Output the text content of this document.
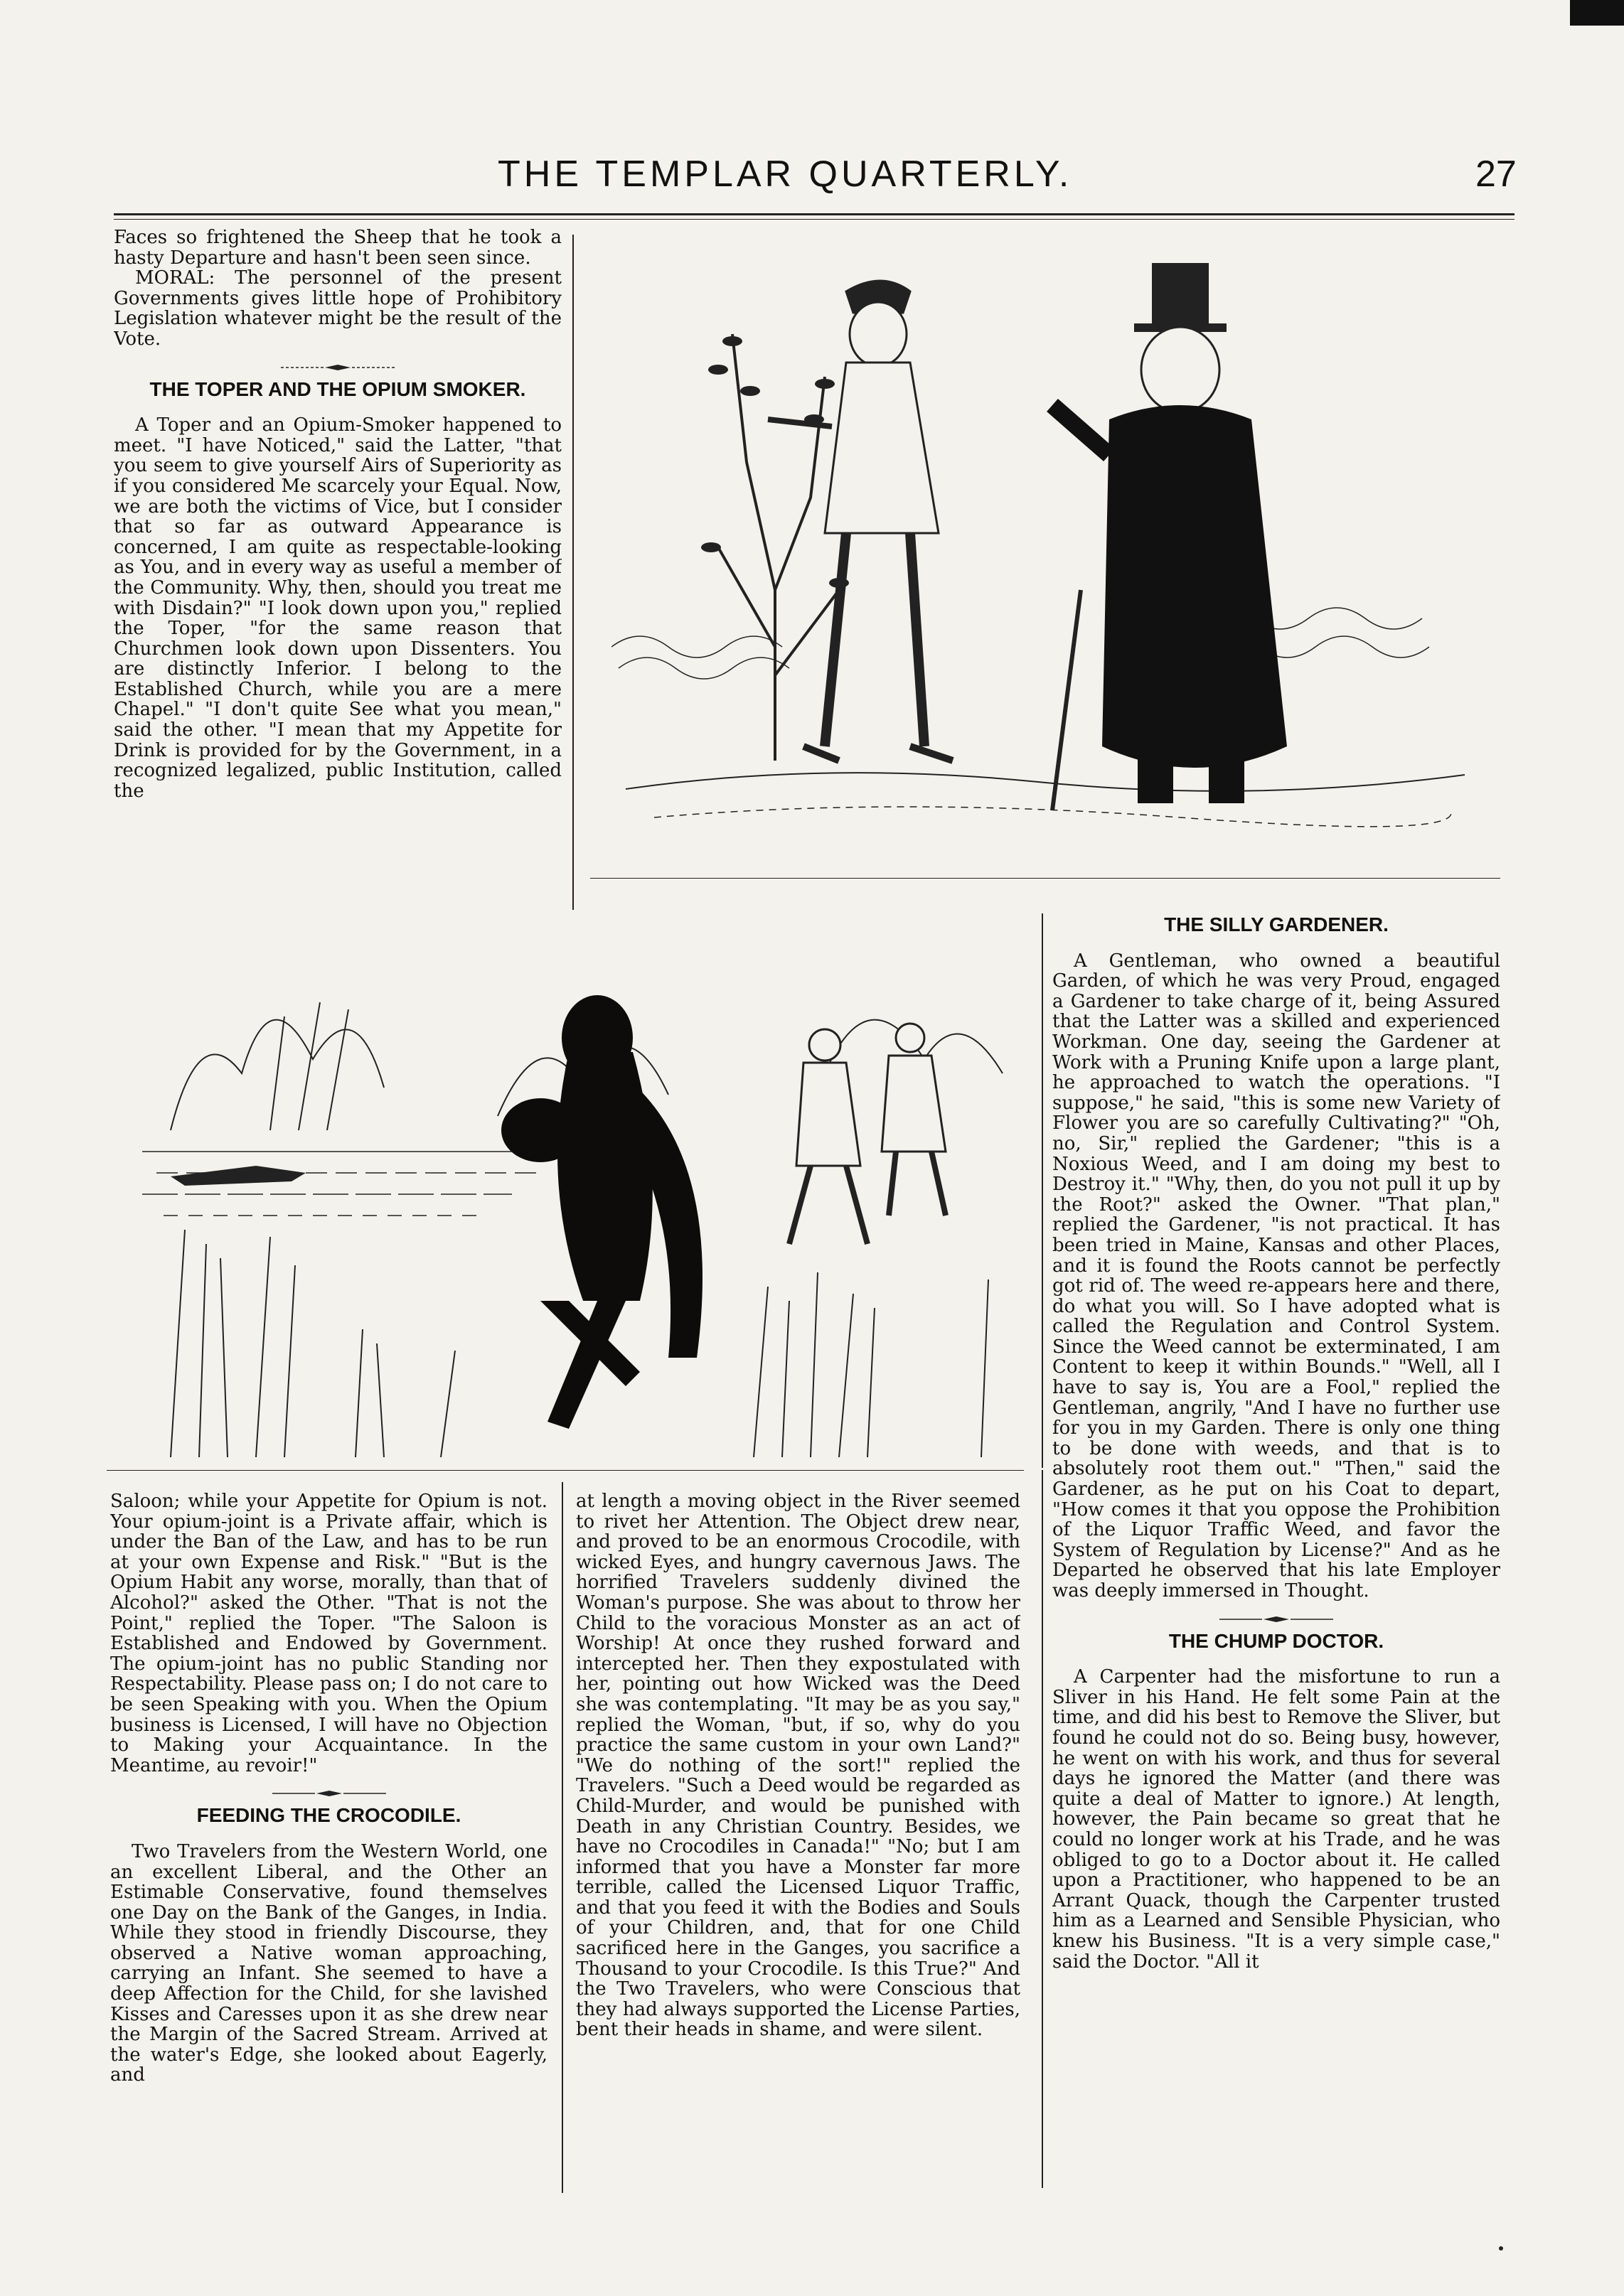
THE TEMPLAR QUARTERLY.	27

Faces so frightened the Sheep that he took a hasty Departure and hasn't been seen since.

MORAL: The personnel of the present Governments gives little hope of Prohibitory Legislation whatever might be the result of the Vote.

THE TOPER AND THE OPIUM SMOKER.

A Toper and an Opium-Smoker happened to meet. "I have Noticed," said the Latter, "that you seem to give yourself Airs of Superiority as if you considered Me scarcely your Equal. Now, we are both the victims of Vice, but I consider that so far as outward Appearance is concerned, I am quite as respectable-looking as You, and in every way as useful a member of the Community. Why, then, should you treat me with Disdain?" "I look down upon you," replied the Toper, "for the same reason that Churchmen look down upon Dissenters. You are distinctly Inferior. I belong to the Established Church, while you are a mere Chapel." "I don't quite See what you mean," said the other. "I mean that my Appetite for Drink is provided for by the Government, in a recognized legalized, public Institution, called the

THE SILLY GARDENER.

A Gentleman, who owned a beautiful Garden, of which he was very Proud, engaged a Gardener to take charge of it, being Assured that the Latter was a skilled and experienced Workman. One day, seeing the Gardener at Work with a Pruning Knife upon a large plant, he approached to watch the operations. "I suppose," he said, "this is some new Variety of Flower you are so carefully Cultivating?" "Oh, no, Sir," replied the Gardener; "this is a Noxious Weed, and I am doing my best to Destroy it." "Why, then, do you not pull it up by the Root?" asked the Owner. "That plan," replied the Gardener, "is not practical. It has been tried in Maine, Kansas and other Places, and it is found the Roots cannot be perfectly got rid of. The weed re-appears here and there, do what you will. So I have adopted what is called the Regulation and Control System. Since the Weed cannot be exterminated, I am Content to keep it within Bounds." "Well, all I have to say is, You are a Fool," replied the Gentleman, angrily, "And I have no further use for you in my Garden. There is only one thing to be done with weeds, and that is to absolutely root them out." "Then," said the Gardener, as he put on his Coat to depart, "How comes it that you oppose the Prohibition of the Liquor Traffic Weed, and favor the System of Regulation by License?" And as he Departed he observed that his late Employer was deeply immersed in Thought.

THE CHUMP DOCTOR.

A Carpenter had the misfortune to run a Sliver in his Hand. He felt some Pain at the time, and did his best to Remove the Sliver, but found he could not do so. Being busy, however, he went on with his work, and thus for several days he ignored the Matter (and there was quite a deal of Matter to ignore.) At length, however, the Pain became so great that he could no longer work at his Trade, and he was obliged to go to a Doctor about it. He called upon a Practitioner, who happened to be an Arrant Quack, though the Carpenter trusted him as a Learned and Sensible Physician, who knew his Business. "It is a very simple case," said the Doctor. "All it

Saloon; while your Appetite for Opium is not. Your opium-joint is a Private affair, which is under the Ban of the Law, and has to be run at your own Expense and Risk." "But is the Opium Habit any worse, morally, than that of Alcohol?" asked the Other. "That is not the Point," replied the Toper. "The Saloon is Established and Endowed by Government. The opium-joint has no public Standing nor Respectability. Please pass on; I do not care to be seen Speaking with you. When the Opium business is Licensed, I will have no Objection to Making your Acquaintance. In the Meantime, au revoir!"

FEEDING THE CROCODILE.

Two Travelers from the Western World, one an excellent Liberal, and the Other an Estimable Conservative, found themselves one Day on the Bank of the Ganges, in India. While they stood in friendly Discourse, they observed a Native woman approaching, carrying an Infant. She seemed to have a deep Affection for the Child, for she lavished Kisses and Caresses upon it as she drew near the Margin of the Sacred Stream. Arrived at the water's Edge, she looked about Eagerly, and

at length a moving object in the River seemed to rivet her Attention. The Object drew near, and proved to be an enormous Crocodile, with wicked Eyes, and hungry cavernous Jaws. The horrified Travelers suddenly divined the Woman's purpose. She was about to throw her Child to the voracious Monster as an act of Worship! At once they rushed forward and intercepted her. Then they expostulated with her, pointing out how Wicked was the Deed she was contemplating. "It may be as you say," replied the Woman, "but, if so, why do you practice the same custom in your own Land?" "We do nothing of the sort!" replied the Travelers. "Such a Deed would be regarded as Child-Murder, and would be punished with Death in any Christian Country. Besides, we have no Crocodiles in Canada!" "No; but I am informed that you have a Monster far more terrible, called the Licensed Liquor Traffic, and that you feed it with the Bodies and Souls of your Children, and, that for one Child sacrificed here in the Ganges, you sacrifice a Thousand to your Crocodile. Is this True?" And the Two Travelers, who were Conscious that they had always supported the License Parties, bent their heads in shame, and were silent.
